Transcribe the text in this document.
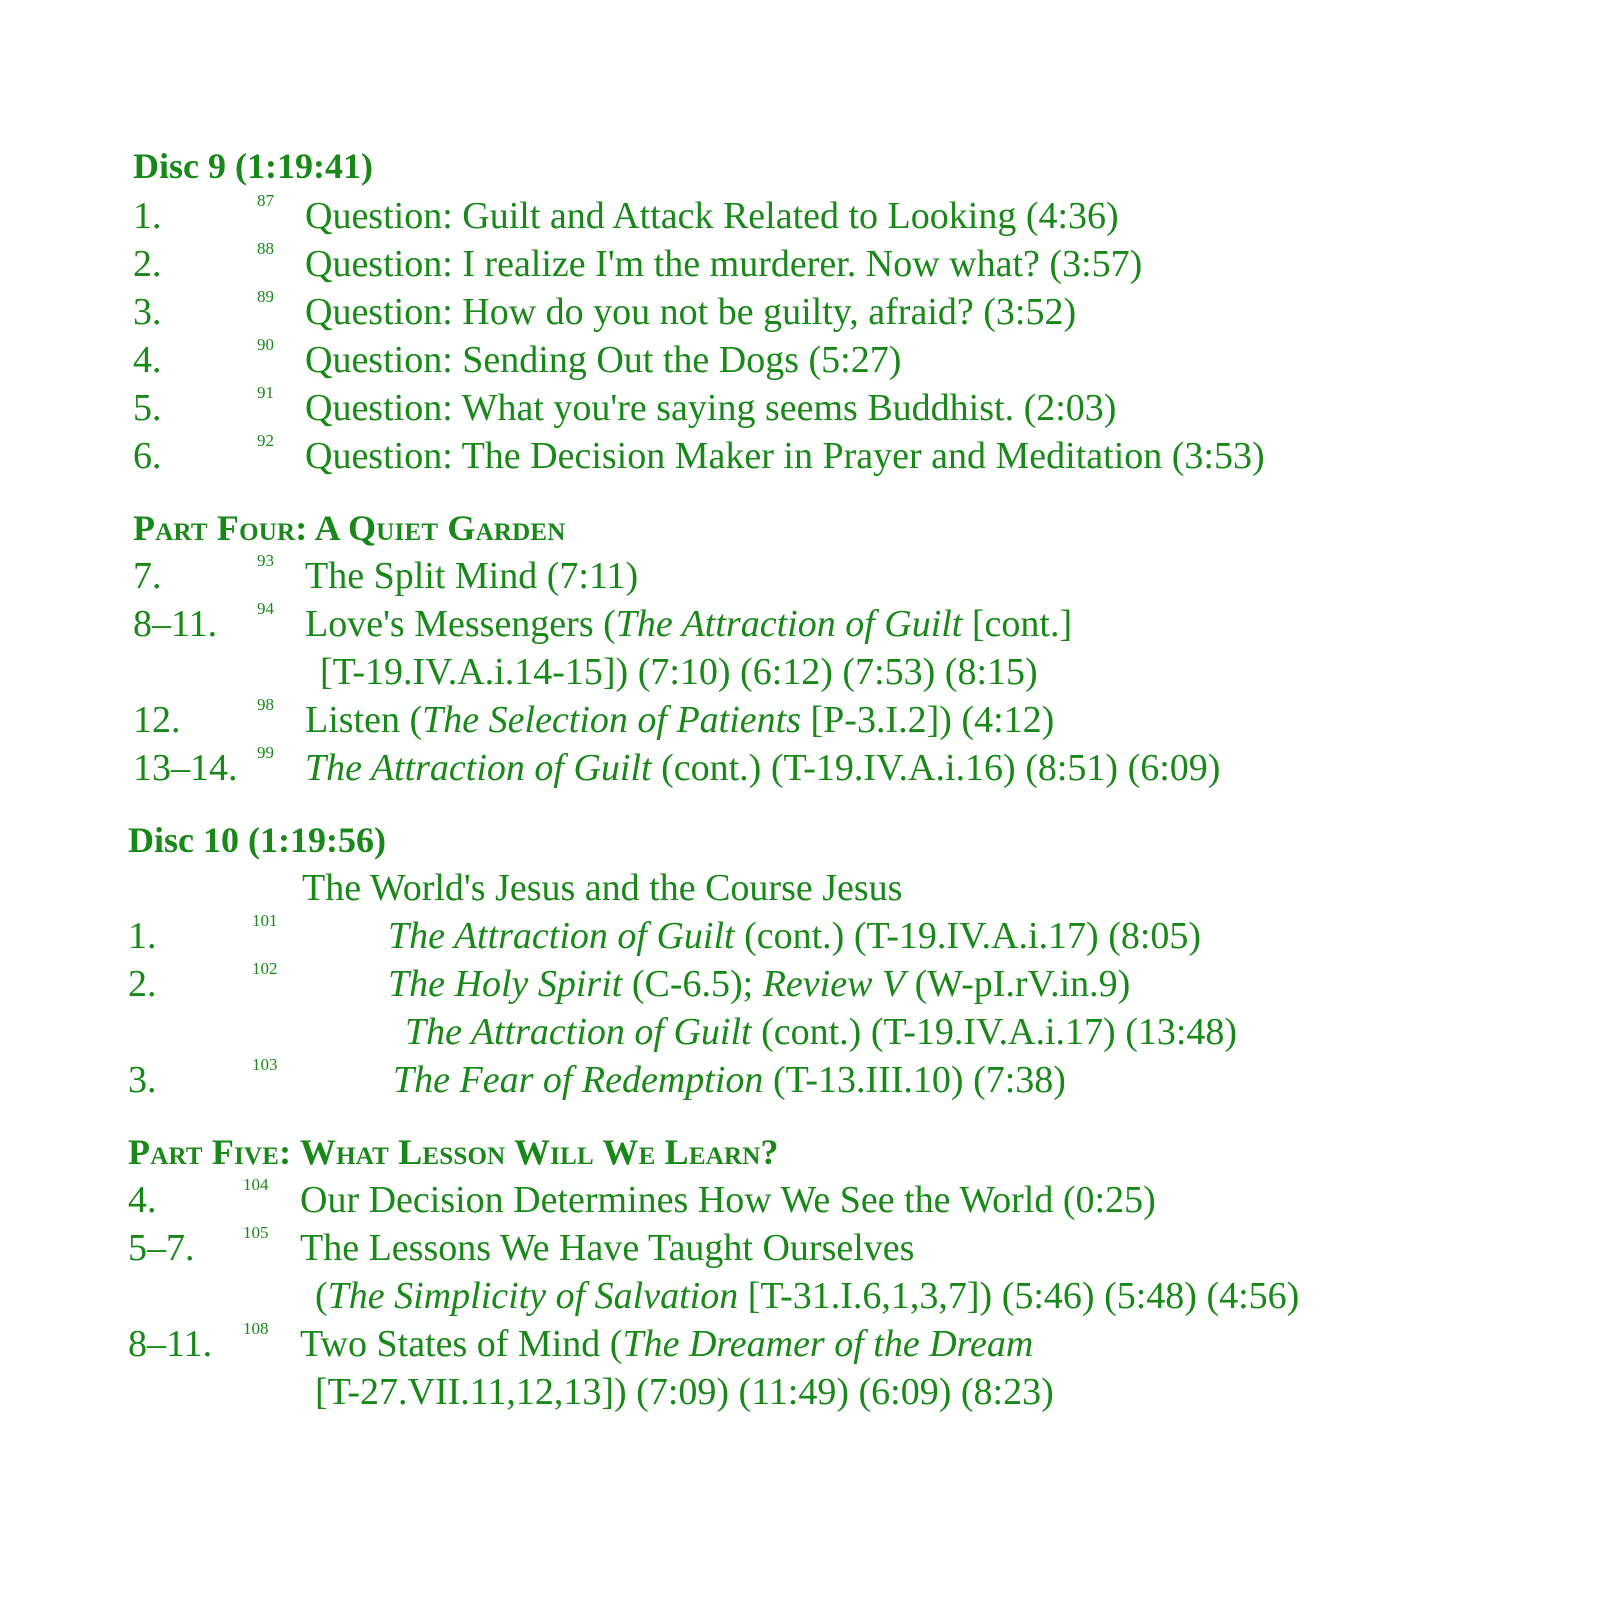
Disc 9 (1:19:41)
1.	87 Question: Guilt and Attack Related to Looking (4:36)
2.	88 Question: I realize I'm the murderer. Now what? (3:57)
3.	89 Question: How do you not be guilty, afraid? (3:52)
4.	90 Question: Sending Out the Dogs (5:27)
5.	91 Question: What you're saying seems Buddhist. (2:03)
6.	92 Question: The Decision Maker in Prayer and Meditation (3:53)
Part Four: A Quiet Garden
7.	93 The Split Mind (7:11)
8–11. 94 Love's Messengers (The Attraction of Guilt [cont.]
[T-19.IV.A.i.14-15]) (7:10) (6:12) (7:53) (8:15)
12.	98 Listen (The Selection of Patients [P-3.I.2]) (4:12)
13–14. 99 The Attraction of Guilt (cont.) (T-19.IV.A.i.16) (8:51) (6:09)
Disc 10 (1:19:56)
The World's Jesus and the Course Jesus
1.	101	The Attraction of Guilt (cont.) (T-19.IV.A.i.17) (8:05)
2.	102	The Holy Spirit (C-6.5); Review V (W-pI.rV.in.9)
The Attraction of Guilt (cont.) (T-19.IV.A.i.17) (13:48)
3.	103	The Fear of Redemption (T-13.III.10) (7:38)
Part Five: What Lesson Will We Learn?
4.	104 Our Decision Determines How We See the World (0:25)
5–7.	105 The Lessons We Have Taught Ourselves
(The Simplicity of Salvation [T-31.I.6,1,3,7]) (5:46) (5:48) (4:56)
8–11. 108 Two States of Mind (The Dreamer of the Dream
[T-27.VII.11,12,13]) (7:09) (11:49) (6:09) (8:23)
